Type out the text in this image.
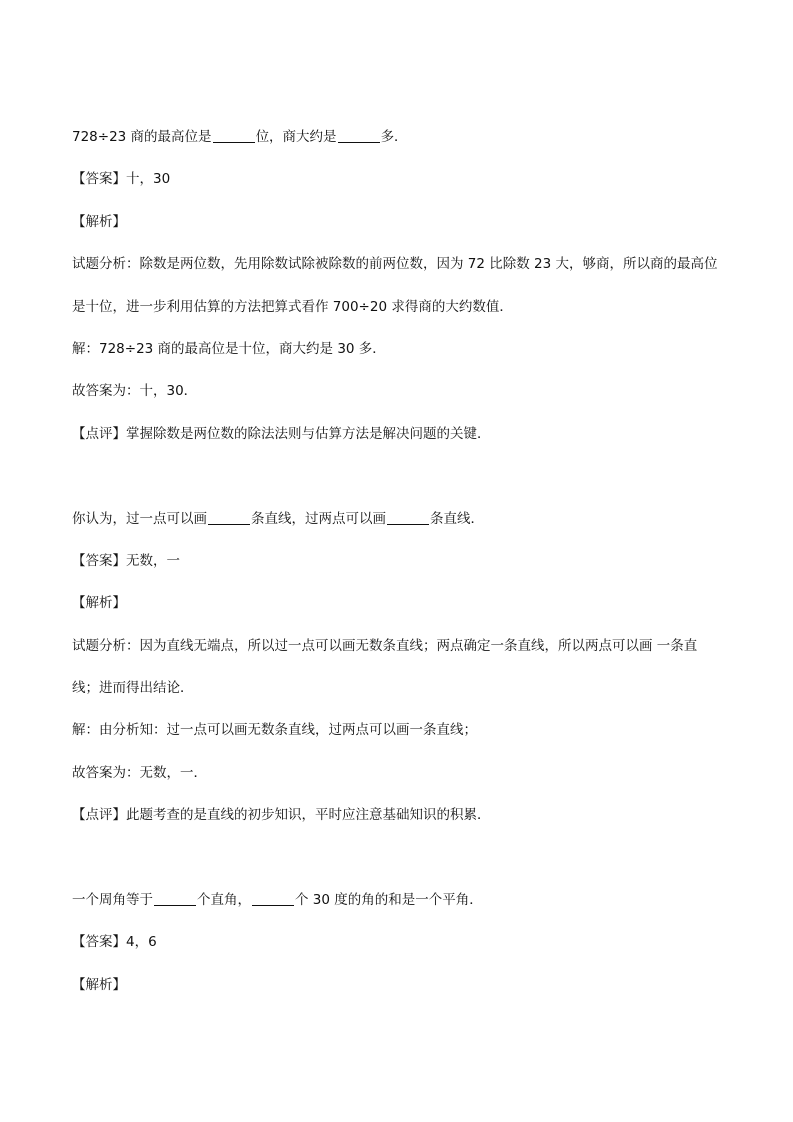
728÷23 商的最高位是	位，商大约是	多．
【答案】十，30
【解析】
试题分析：除数是两位数，先用除数试除被除数的前两位数，因为 72 比除数 23 大，够商，所以商的最高位
是十位，进一步利用估算的方法把算式看作 700÷20 求得商的大约数值．
解：728÷23 商的最高位是十位，商大约是 30 多．
故答案为：十，30．
【点评】掌握除数是两位数的除法法则与估算方法是解决问题的关键．
你认为，过一点可以画	条直线，过两点可以画	条直线．
【答案】无数，一
【解析】
试题分析：因为直线无端点，所以过一点可以画无数条直线；两点确定一条直线，所以两点可以画 一条直
线；进而得出结论．
解：由分析知：过一点可以画无数条直线，过两点可以画一条直线；
故答案为：无数，一．
【点评】此题考查的是直线的初步知识，平时应注意基础知识的积累．
一个周角等于	个直角，	个 30 度的角的和是一个平角．
【答案】4，6
【解析】
